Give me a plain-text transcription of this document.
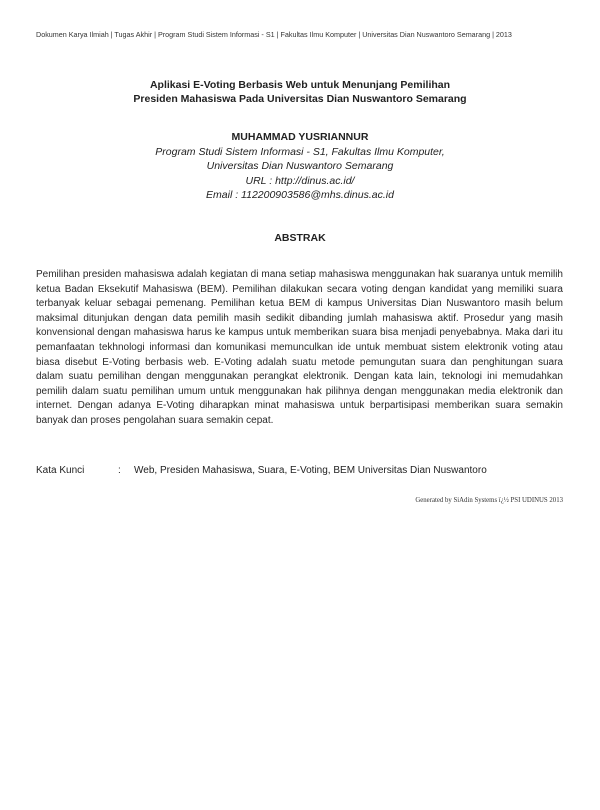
Dokumen Karya Ilmiah | Tugas Akhir | Program Studi Sistem Informasi - S1 | Fakultas Ilmu Komputer | Universitas Dian Nuswantoro Semarang | 2013
Aplikasi E-Voting Berbasis Web untuk Menunjang Pemilihan
Presiden Mahasiswa Pada Universitas Dian Nuswantoro Semarang
MUHAMMAD YUSRIANNUR
Program Studi Sistem Informasi - S1, Fakultas Ilmu Komputer,
Universitas Dian Nuswantoro Semarang
URL : http://dinus.ac.id/
Email : 112200903586@mhs.dinus.ac.id
ABSTRAK
Pemilihan presiden mahasiswa adalah kegiatan di mana setiap mahasiswa menggunakan hak suaranya untuk memilih ketua Badan Eksekutif Mahasiswa (BEM). Pemilihan dilakukan secara voting dengan kandidat yang memiliki suara terbanyak keluar sebagai pemenang. Pemilihan ketua BEM di kampus Universitas Dian Nuswantoro masih belum maksimal ditunjukan dengan data pemilih masih sedikit dibanding jumlah mahasiswa aktif. Prosedur yang masih konvensional dengan mahasiswa harus ke kampus untuk memberikan suara bisa menjadi penyebabnya. Maka dari itu pemanfaatan tekhnologi informasi dan komunikasi memunculkan ide untuk membuat sistem elektronik voting atau biasa disebut E-Voting berbasis web. E-Voting adalah suatu metode pemungutan suara dan penghitungan suara dalam suatu pemilihan dengan menggunakan perangkat elektronik. Dengan kata lain, teknologi ini memudahkan pemilih dalam suatu pemilihan umum untuk menggunakan hak pilihnya dengan menggunakan media elektronik dan internet. Dengan adanya E-Voting diharapkan minat mahasiswa untuk berpartisipasi memberikan suara semakin banyak dan proses pengolahan suara semakin cepat.
Kata Kunci	: Web, Presiden Mahasiswa, Suara, E-Voting, BEM Universitas Dian Nuswantoro
Generated by SiAdin Systems ï¿½ PSI UDINUS 2013
